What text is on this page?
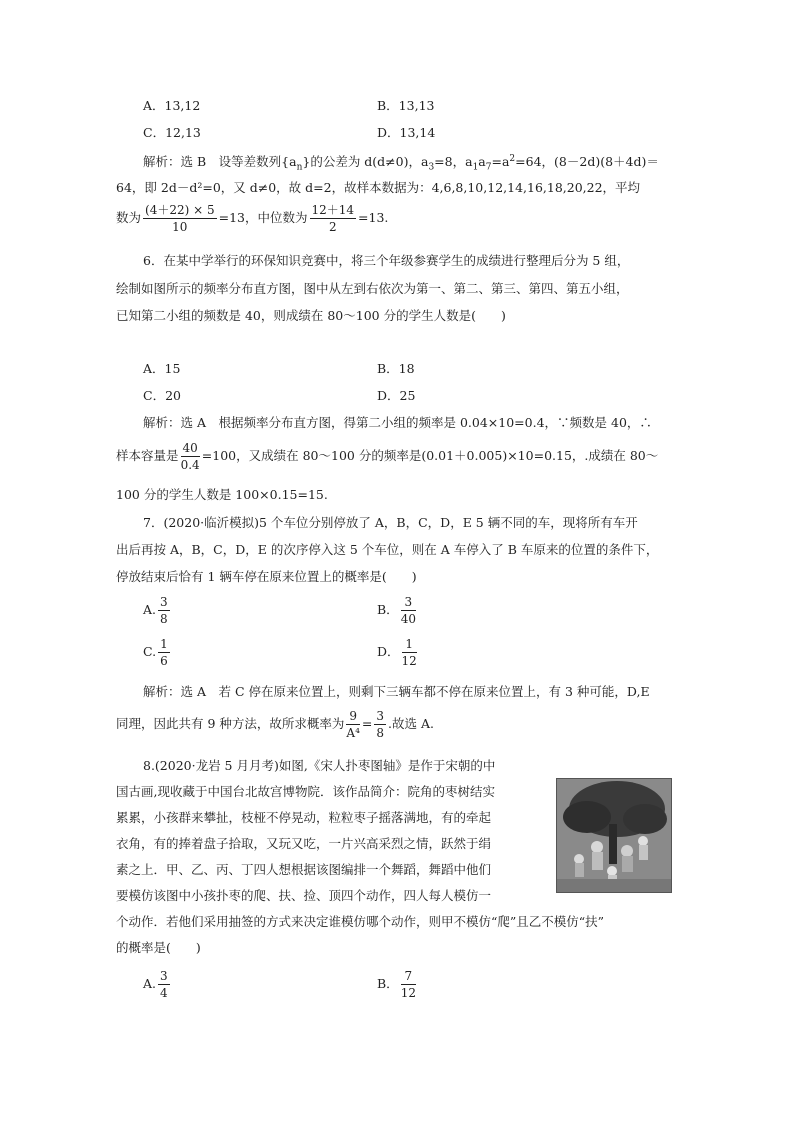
A．13,12	B．13,13
C．12,13	D．13,14
解析：选 B　设等差数列$\{a_n\}$的公差为 d(d≠0)，$a_3=8$，$a_1a_7=a^2=64$，(8－2d)(8＋4d)＝
64，即 2d－d²=0，又 d≠0，故 d=2，故样本数据为：4,6,8,10,12,14,16,18,20,22，平均
数为 $\frac{(4+22) \times 5}{10} =13$，中位数为 $\frac{12+14}{2} =13$.
6．在某中学举行的环保知识竞赛中，将三个年级参赛学生的成绩进行整理后分为 5 组，
绘制如图所示的频率分布直方图，图中从左到右依次为第一、第二、第三、第四、第五小组，
已知第二小组的频数是 40，则成绩在 80～100 分的学生人数是(　　)
A．15	B．18
C．20	D．25
解析：选 A　根据频率分布直方图，得第二小组的频率是 0.04×10=0.4，∵频数是 40，∴
样本容量是 $\frac{40}{0.4} =100$，又成绩在 80～100 分的频率是(0.01＋0.005)×10=0.15，.成绩在 80～
100 分的学生人数是 100×0.15=15.
7．(2020·临沂模拟)5 个车位分别停放了 A，B，C，D，E 5 辆不同的车，现将所有车开
出后再按 A，B，C，D，E 的次序停入这 5 个车位，则在 A 车停入了 B 车原来的位置的条件下，
停放结束后恰有 1 辆车停在原来位置上的概率是(　　)
A. $\frac{3}{8}$	B． $\frac{3}{40}$
C. $\frac{1}{6}$	D． $\frac{1}{12}$
解析：选 A　若 C 停在原来位置上，则剩下三辆车都不停在原来位置上，有 3 种可能，D,E
同理，因此共有 9 种方法，故所求概率为 $\frac{9}{\text{A⁴}} = \frac{3}{8}$ .故选 A.
8.(2020·龙岩 5 月月考)如图,《宋人扑枣图轴》是作于宋朝的中
国古画,现收藏于中国台北故宫博物院．该作品简介：院角的枣树结实
累累，小孩群来攀扯，枝桠不停晃动，粒粒枣子摇落满地，有的牵起
衣角，有的捧着盘子拾取，又玩又吃，一片兴高采烈之情，跃然于绢
素之上．甲、乙、丙、丁四人想根据该图编排一个舞蹈，舞蹈中他们
要模仿该图中小孩扑枣的爬、扶、捡、顶四个动作，四人每人模仿一
个动作．若他们采用抽签的方式来决定谁模仿哪个动作，则甲不模仿“爬”且乙不模仿“扶”
的概率是(　　)
A. $\frac{3}{4}$	B． $\frac{7}{12}$
